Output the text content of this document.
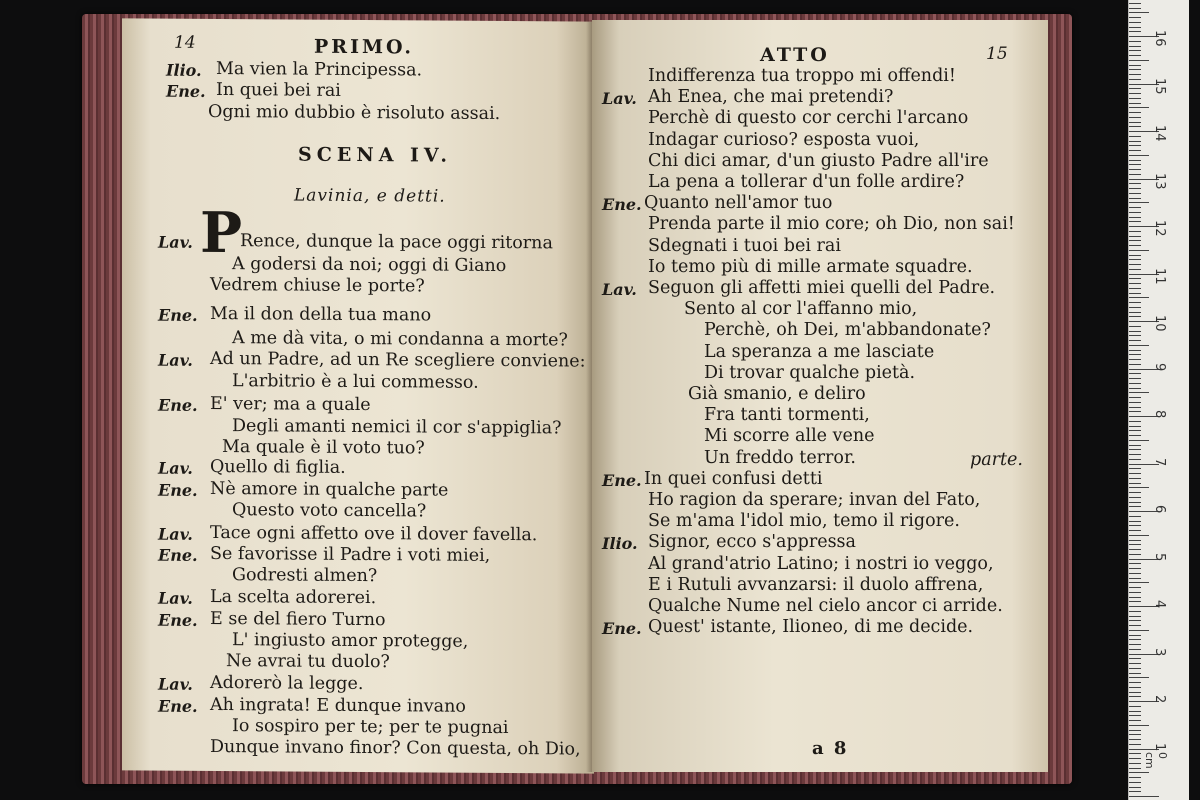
14	PRIMO.
Ilio. Ma vien la Principessa.
Ene. In quei bei rai
Ogni mio dubbio è risoluto assai.
SCENA IV.
Lavinia, e detti.
P
Lav.	Rence, dunque la pace oggi ritorna
A godersi da noi; oggi di Giano
Vedrem chiuse le porte?
Ene. Ma il don della tua mano
A me dà vita, o mi condanna a morte?
Lav. Ad un Padre, ad un Re scegliere conviene:
L'arbitrio è a lui commesso.
Ene. E' ver; ma a quale
Degli amanti nemici il cor s'appiglia?
Ma quale è il voto tuo?
Lav. Quello di figlia.
Ene. Nè amore in qualche parte
Questo voto cancella?
Lav. Tace ogni affetto ove il dover favella.
Ene. Se favorisse il Padre i voti miei,
Godresti almen?
Lav. La scelta adorerei.
Ene. E se del fiero Turno
L' ingiusto amor protegge,
Ne avrai tu duolo?
Lav. Adorerò la legge.
Ene. Ah ingrata! E dunque invano
Io sospiro per te; per te pugnai
Dunque invano finor? Con questa, oh Dio,
ATTO	15
Indifferenza tua troppo mi offendi!
Lav. Ah Enea, che mai pretendi?
Perchè di questo cor cerchi l'arcano
Indagar curioso? esposta vuoi,
Chi dici amar, d'un giusto Padre all'ire
La pena a tollerar d'un folle ardire?
Ene. Quanto nell'amor tuo
Prenda parte il mio core; oh Dio, non sai!
Sdegnati i tuoi bei rai
Io temo più di mille armate squadre.
Lav. Seguon gli affetti miei quelli del Padre.
Sento al cor l'affanno mio,
Perchè, oh Dei, m'abbandonate?
La speranza a me lasciate
Di trovar qualche pietà.
Già smanio, e deliro
Fra tanti tormenti,
Mi scorre alle vene
Un freddo terror.
Ene. In quei confusi detti
Ho ragion da sperare; invan del Fato,
Se m'ama l'idol mio, temo il rigore.
Ilio. Signor, ecco s'appressa
Al grand'atrio Latino; i nostri io veggo,
E i Rutuli avvanzarsi: il duolo affrena,
Qualche Nume nel cielo ancor ci arride.
Ene. Quest' istante, Ilioneo, di me decide.
parte.
a 8	1
2
3
4
5
6
7
8
9
10
11
12
13
14
15
16
0 cm
